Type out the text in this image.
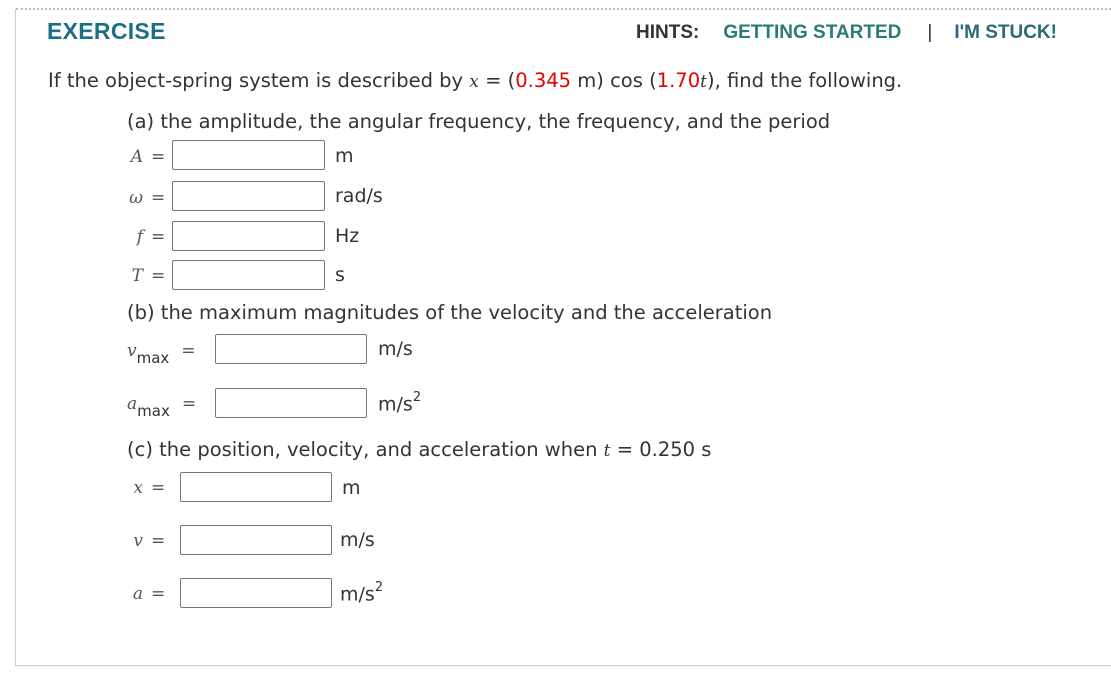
EXERCISE	HINTS: GETTING STARTED | I'M STUCK!
If the object-spring system is described by x = (0.345 m) cos (1.70t), find the following.
(a) the amplitude, the angular frequency, the frequency, and the period
A =	m
ω =	rad/s
f =	Hz
T =	s
(b) the maximum magnitudes of the velocity and the acceleration
v max =	m/s
a max =	$m/s^2$
(c) the position, velocity, and acceleration when t = 0.250 s
x =	m
v =	m/s
a =	$m/s^2$
